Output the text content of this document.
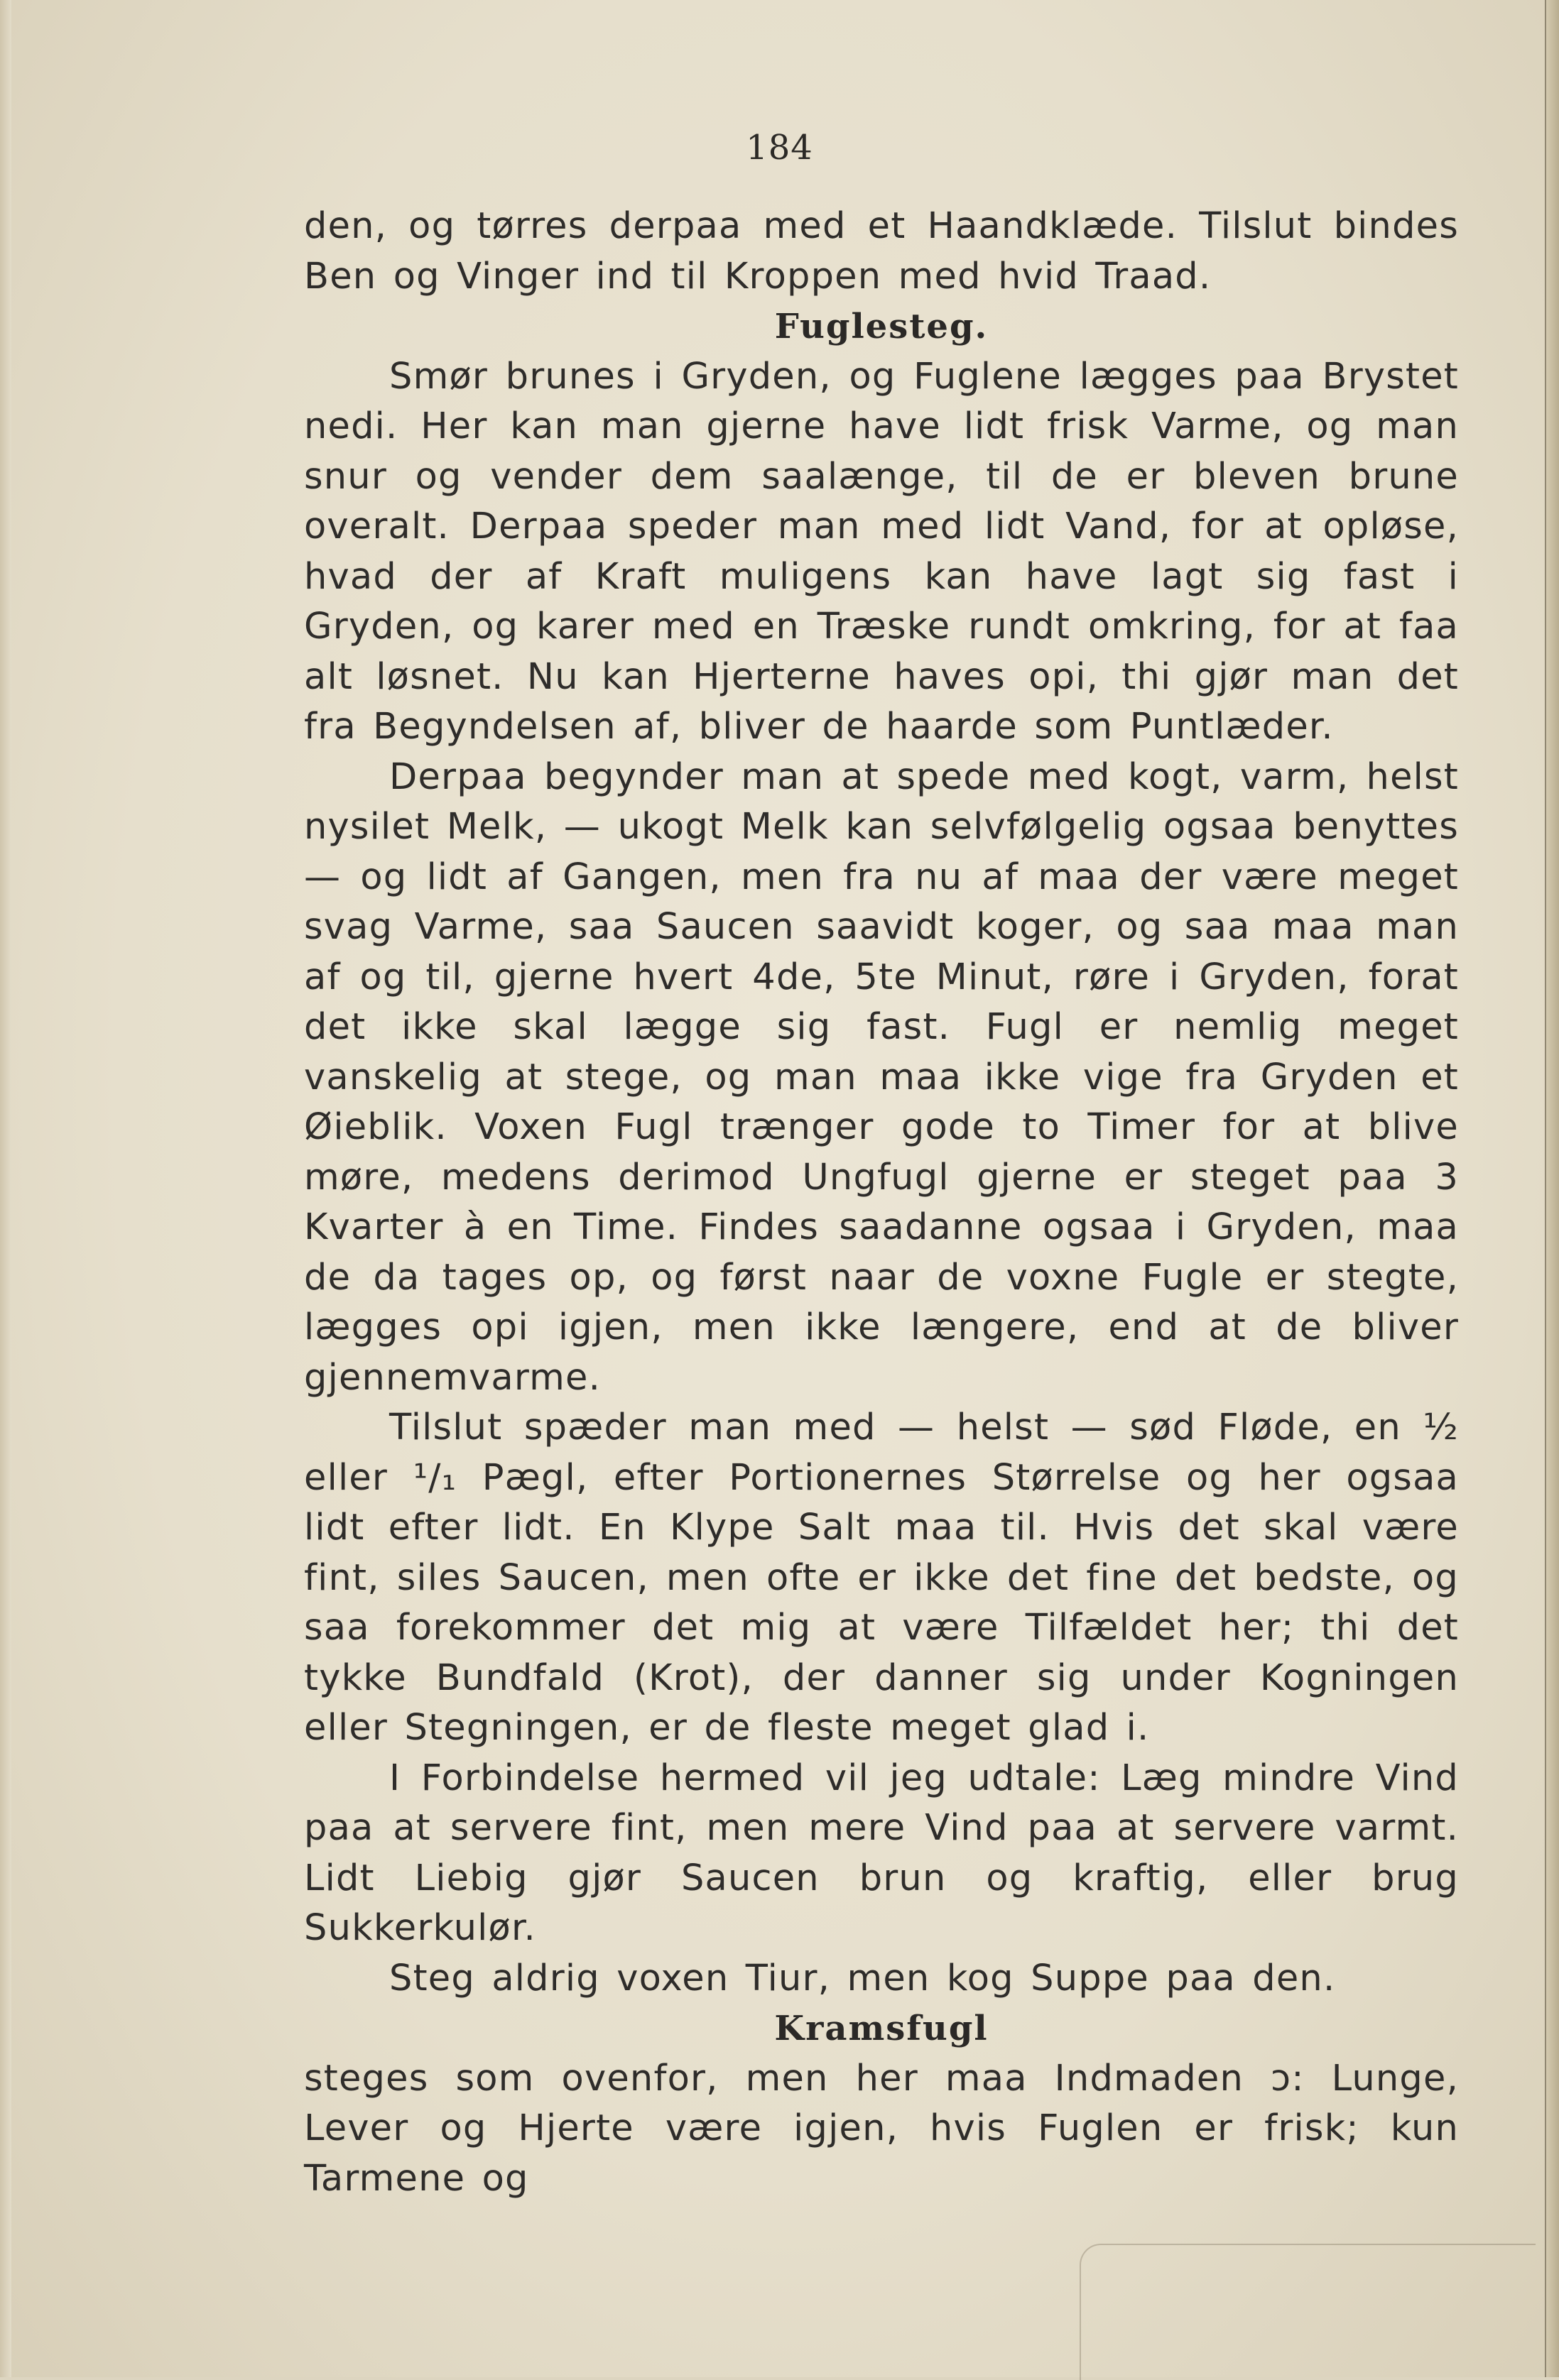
184

den, og tørres derpaa med et Haandklæde. Tilslut bindes Ben og Vinger ind til Kroppen med hvid Traad.

Fuglesteg.

Smør brunes i Gryden, og Fuglene lægges paa Brystet nedi. Her kan man gjerne have lidt frisk Varme, og man snur og vender dem saalænge, til de er bleven brune overalt. Derpaa speder man med lidt Vand, for at opløse, hvad der af Kraft muligens kan have lagt sig fast i Gryden, og karer med en Træske rundt omkring, for at faa alt løsnet. Nu kan Hjerterne haves opi, thi gjør man det fra Begyndelsen af, bliver de haarde som Puntlæder.

Derpaa begynder man at spede med kogt, varm, helst nysilet Melk, — ukogt Melk kan selvfølgelig ogsaa benyttes — og lidt af Gangen, men fra nu af maa der være meget svag Varme, saa Saucen saavidt koger, og saa maa man af og til, gjerne hvert 4de, 5te Minut, røre i Gryden, forat det ikke skal lægge sig fast. Fugl er nemlig meget vanskelig at stege, og man maa ikke vige fra Gryden et Øieblik. Voxen Fugl trænger gode to Timer for at blive møre, medens derimod Ungfugl gjerne er steget paa 3 Kvarter à en Time. Findes saadanne ogsaa i Gryden, maa de da tages op, og først naar de voxne Fugle er stegte, lægges opi igjen, men ikke længere, end at de bliver gjennemvarme.

Tilslut spæder man med — helst — sød Fløde, en ½ eller ¹/₁ Pægl, efter Portionernes Størrelse og her ogsaa lidt efter lidt. En Klype Salt maa til. Hvis det skal være fint, siles Saucen, men ofte er ikke det fine det bedste, og saa forekommer det mig at være Tilfældet her; thi det tykke Bundfald (Krot), der danner sig under Kogningen eller Stegningen, er de fleste meget glad i.

I Forbindelse hermed vil jeg udtale: Læg mindre Vind paa at servere fint, men mere Vind paa at servere varmt. Lidt Liebig gjør Saucen brun og kraftig, eller brug Sukkerkulør.

Steg aldrig voxen Tiur, men kog Suppe paa den.

Kramsfugl

steges som ovenfor, men her maa Indmaden ɔ: Lunge, Lever og Hjerte være igjen, hvis Fuglen er frisk; kun Tarmene og
